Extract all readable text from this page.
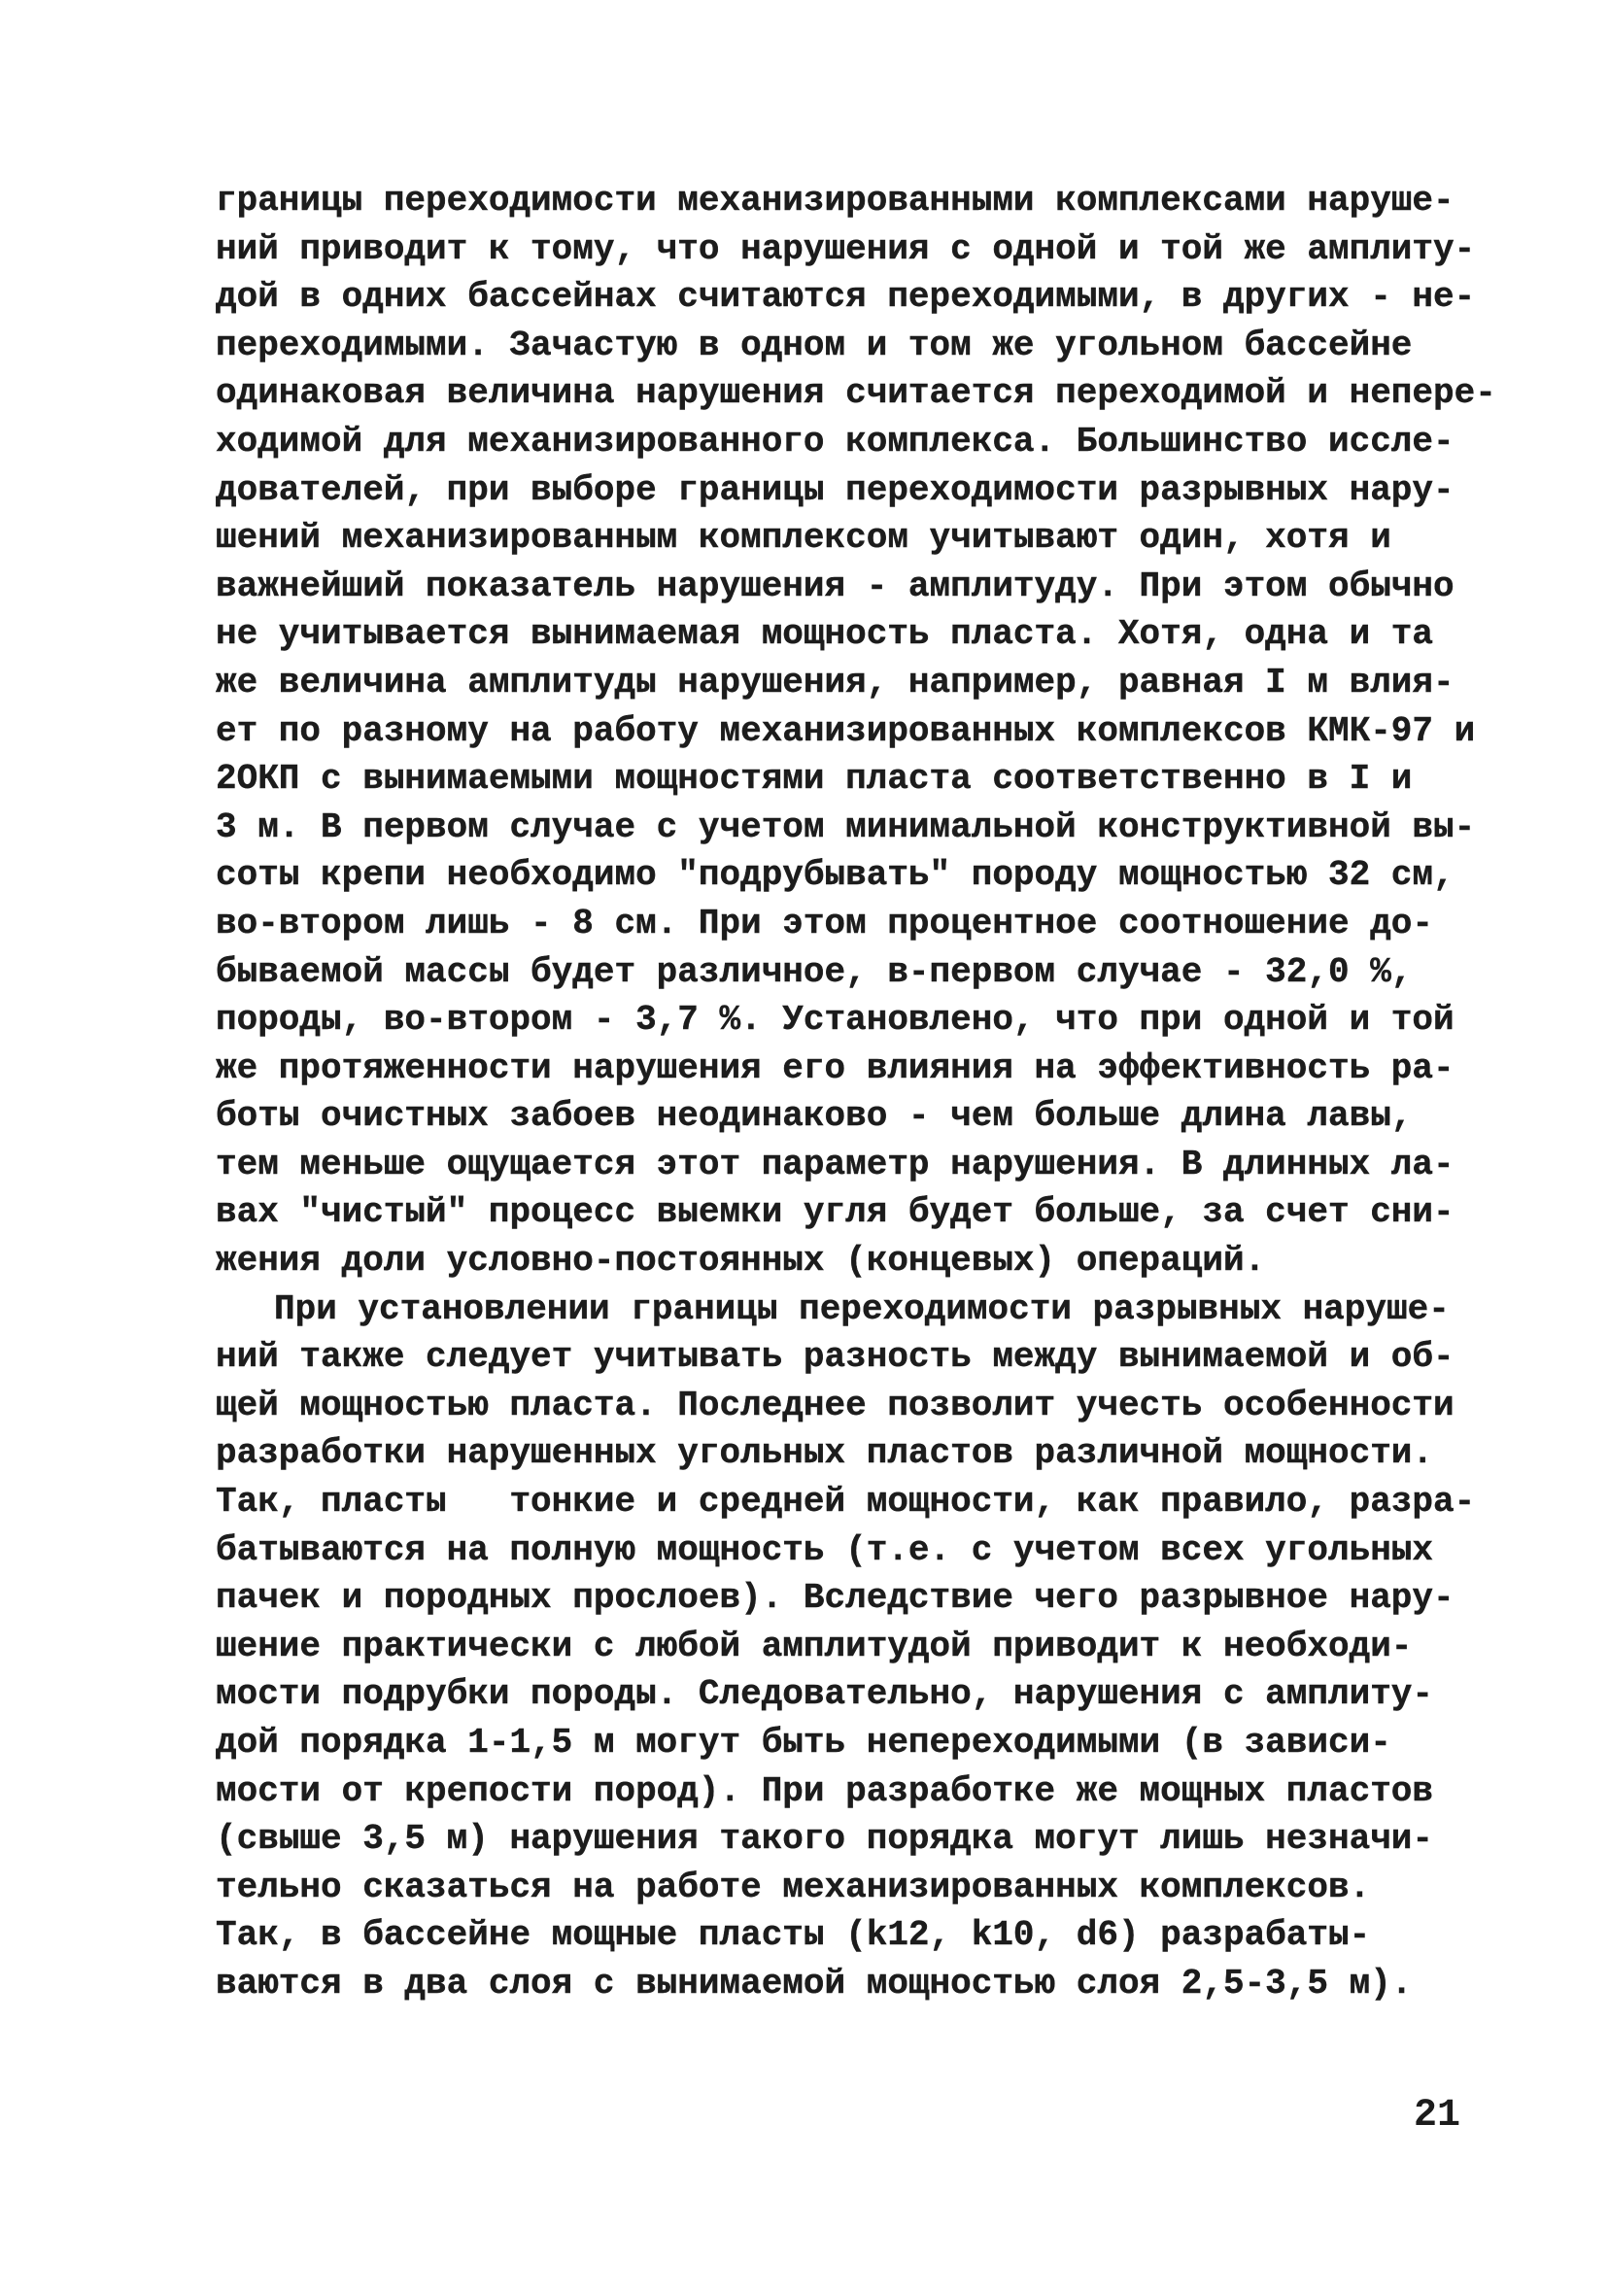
границы переходимости механизированными комплексами наруше-
ний приводит к тому, что нарушения с одной и той же амплиту-
дой в одних бассейнах считаются переходимыми, в других - не-
переходимыми. Зачастую в одном и том же угольном бассейне
одинаковая величина нарушения считается переходимой и непере-
ходимой для механизированного комплекса. Большинство иссле-
дователей, при выборе границы переходимости разрывных нару-
шений механизированным комплексом учитывают один, хотя и
важнейший показатель нарушения - амплитуду. При этом обычно
не учитывается вынимаемая мощность пласта. Хотя, одна и та
же величина амплитуды нарушения, например, равная I м влия-
ет по разному на работу механизированных комплексов КМК-97 и
2ОКП с вынимаемыми мощностями пласта соответственно в I и
3 м. В первом случае с учетом минимальной конструктивной вы-
соты крепи необходимо "подрубывать" породу мощностью 32 см,
во-втором лишь - 8 см. При этом процентное соотношение до-
бываемой массы будет различное, в-первом случае - 32,0 %,
породы, во-втором - 3,7 %. Установлено, что при одной и той
же протяженности нарушения его влияния на эффективность ра-
боты очистных забоев неодинаково - чем больше длина лавы,
тем меньше ощущается этот параметр нарушения. В длинных ла-
вах "чистый" процесс выемки угля будет больше, за счет сни-
жения доли условно-постоянных (концевых) операций.
При установлении границы переходимости разрывных наруше-
ний также следует учитывать разность между вынимаемой и об-
щей мощностью пласта. Последнее позволит учесть особенности
разработки нарушенных угольных пластов различной мощности.
Так, пласты   тонкие и средней мощности, как правило, разра-
батываются на полную мощность (т.е. с учетом всех угольных
пачек и породных прослоев). Вследствие чего разрывное нару-
шение практически с любой амплитудой приводит к необходи-
мости подрубки породы. Следовательно, нарушения с амплиту-
дой порядка 1-1,5 м могут быть непереходимыми (в зависи-
мости от крепости пород). При разработке же мощных пластов
(свыше 3,5 м) нарушения такого порядка могут лишь незначи-
тельно сказаться на работе механизированных комплексов.
Так, в бассейне мощные пласты (k12, k10, d6) разрабаты-
ваются в два слоя с вынимаемой мощностью слоя 2,5-3,5 м).
21
